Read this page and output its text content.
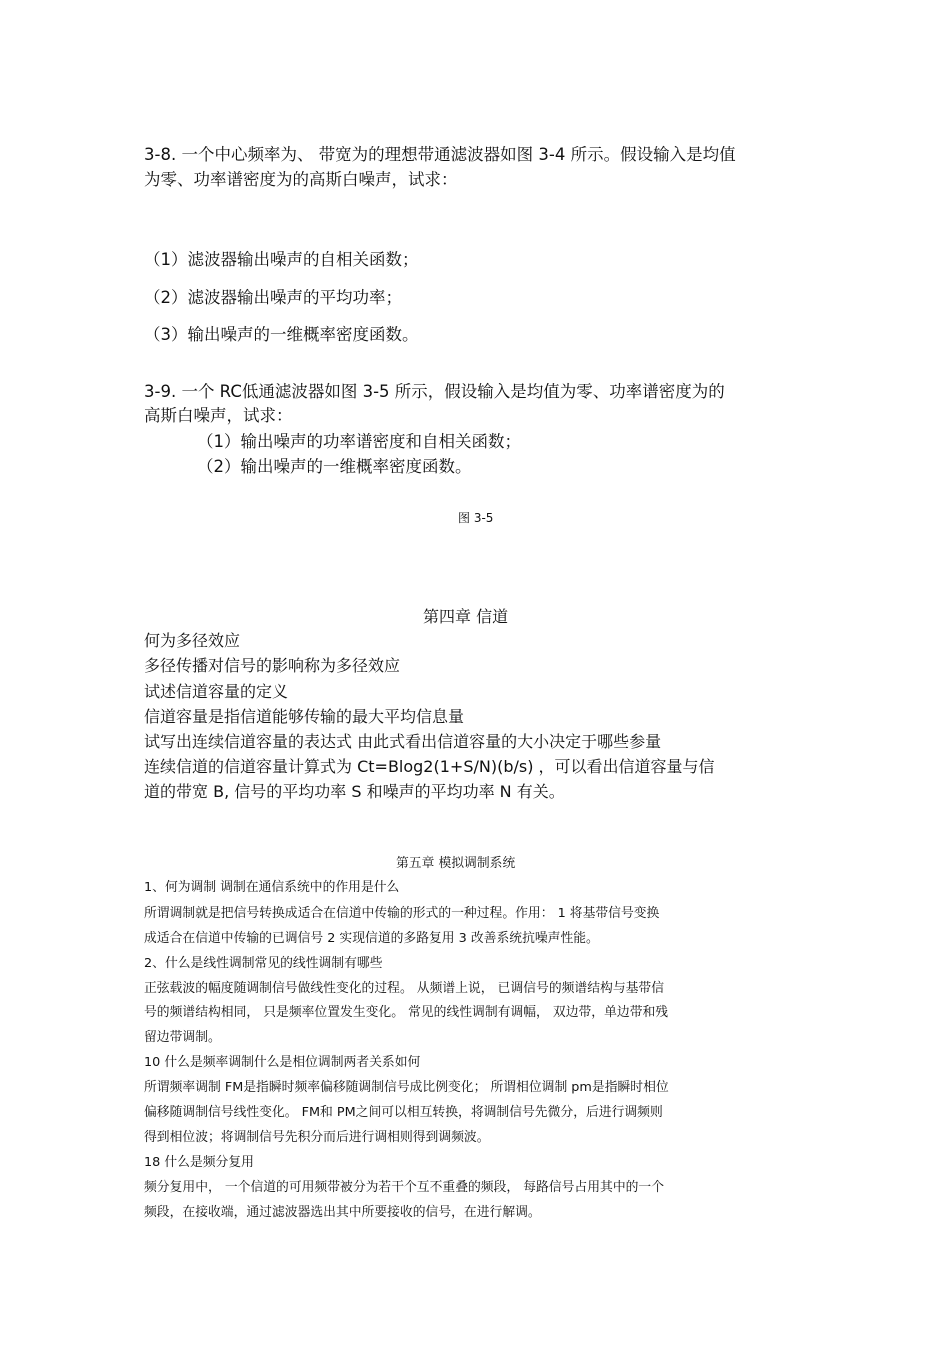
3-8. 一个中心频率为、 带宽为的理想带通滤波器如图 3-4 所示。假设输入是均值
为零、功率谱密度为的高斯白噪声，试求：
（1）滤波器输出噪声的自相关函数；
（2）滤波器输出噪声的平均功率；
（3）输出噪声的一维概率密度函数。
3-9. 一个 RC低通滤波器如图 3-5 所示，假设输入是均值为零、功率谱密度为的
高斯白噪声，试求：
（1）输出噪声的功率谱密度和自相关函数；
（2）输出噪声的一维概率密度函数。
图 3-5
第四章 信道
何为多径效应
多径传播对信号的影响称为多径效应
试述信道容量的定义
信道容量是指信道能够传输的最大平均信息量
试写出连续信道容量的表达式 由此式看出信道容量的大小决定于哪些参量
连续信道的信道容量计算式为 Ct=Blog2(1+S/N)(b/s) ，可以看出信道容量与信
道的带宽 B, 信号的平均功率 S 和噪声的平均功率 N 有关。
第五章 模拟调制系统
1、何为调制 调制在通信系统中的作用是什么
所谓调制就是把信号转换成适合在信道中传输的形式的一种过程。作用： 1 将基带信号变换
成适合在信道中传输的已调信号 2 实现信道的多路复用 3 改善系统抗噪声性能。
2、什么是线性调制常见的线性调制有哪些
正弦载波的幅度随调制信号做线性变化的过程。 从频谱上说， 已调信号的频谱结构与基带信
号的频谱结构相同， 只是频率位置发生变化。 常见的线性调制有调幅， 双边带，单边带和残
留边带调制。
10 什么是频率调制什么是相位调制两者关系如何
所谓频率调制 FM是指瞬时频率偏移随调制信号成比例变化； 所谓相位调制 pm是指瞬时相位
偏移随调制信号线性变化。 FM和 PM之间可以相互转换，将调制信号先微分，后进行调频则
得到相位波；将调制信号先积分而后进行调相则得到调频波。
18 什么是频分复用
频分复用中， 一个信道的可用频带被分为若干个互不重叠的频段， 每路信号占用其中的一个
频段，在接收端，通过滤波器选出其中所要接收的信号，在进行解调。
